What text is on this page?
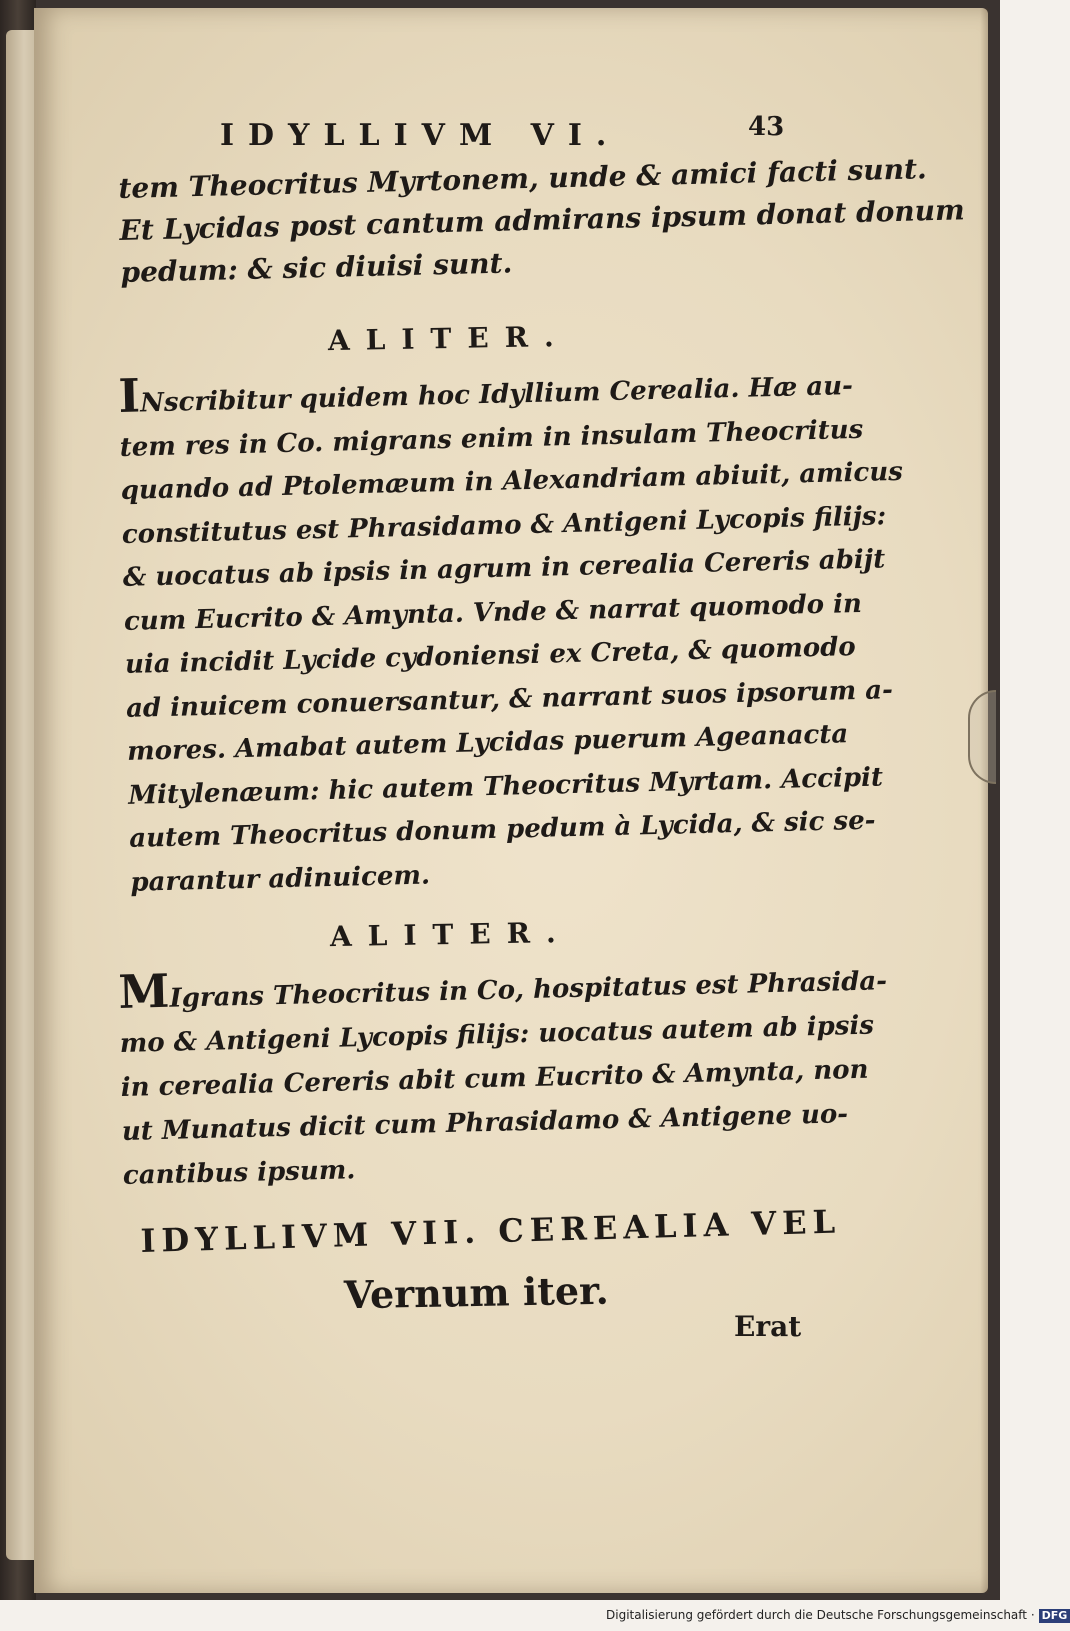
IDYLLIVM VI.	43
tem Theocritus Myrtonem, unde & amici facti sunt.
Et Lycidas post cantum admirans ipsum donat donum
pedum: & sic diuisi sunt.
ALITER.
INscribitur quidem hoc Idyllium Cerealia. Hæ au-
tem res in Co. migrans enim in insulam Theocritus
quando ad Ptolemæum in Alexandriam abiuit, amicus
constitutus est Phrasidamo & Antigeni Lycopis filijs:
& uocatus ab ipsis in agrum in cerealia Cereris abijt
cum Eucrito & Amynta. Vnde & narrat quomodo in
uia incidit Lycide cydoniensi ex Creta, & quomodo
ad inuicem conuersantur, & narrant suos ipsorum a-
mores. Amabat autem Lycidas puerum Ageanacta
Mitylenæum: hic autem Theocritus Myrtam. Accipit
autem Theocritus donum pedum à Lycida, & sic se-
parantur adinuicem.
ALITER.
MIgrans Theocritus in Co, hospitatus est Phrasida-
mo & Antigeni Lycopis filijs: uocatus autem ab ipsis
in cerealia Cereris abit cum Eucrito & Amynta, non
ut Munatus dicit cum Phrasidamo & Antigene uo-
cantibus ipsum.
IDYLLIVM VII. CEREALIA VEL
Vernum iter.
Erat
Digitalisierung gefördert durch die Deutsche Forschungsgemeinschaft · DFG
